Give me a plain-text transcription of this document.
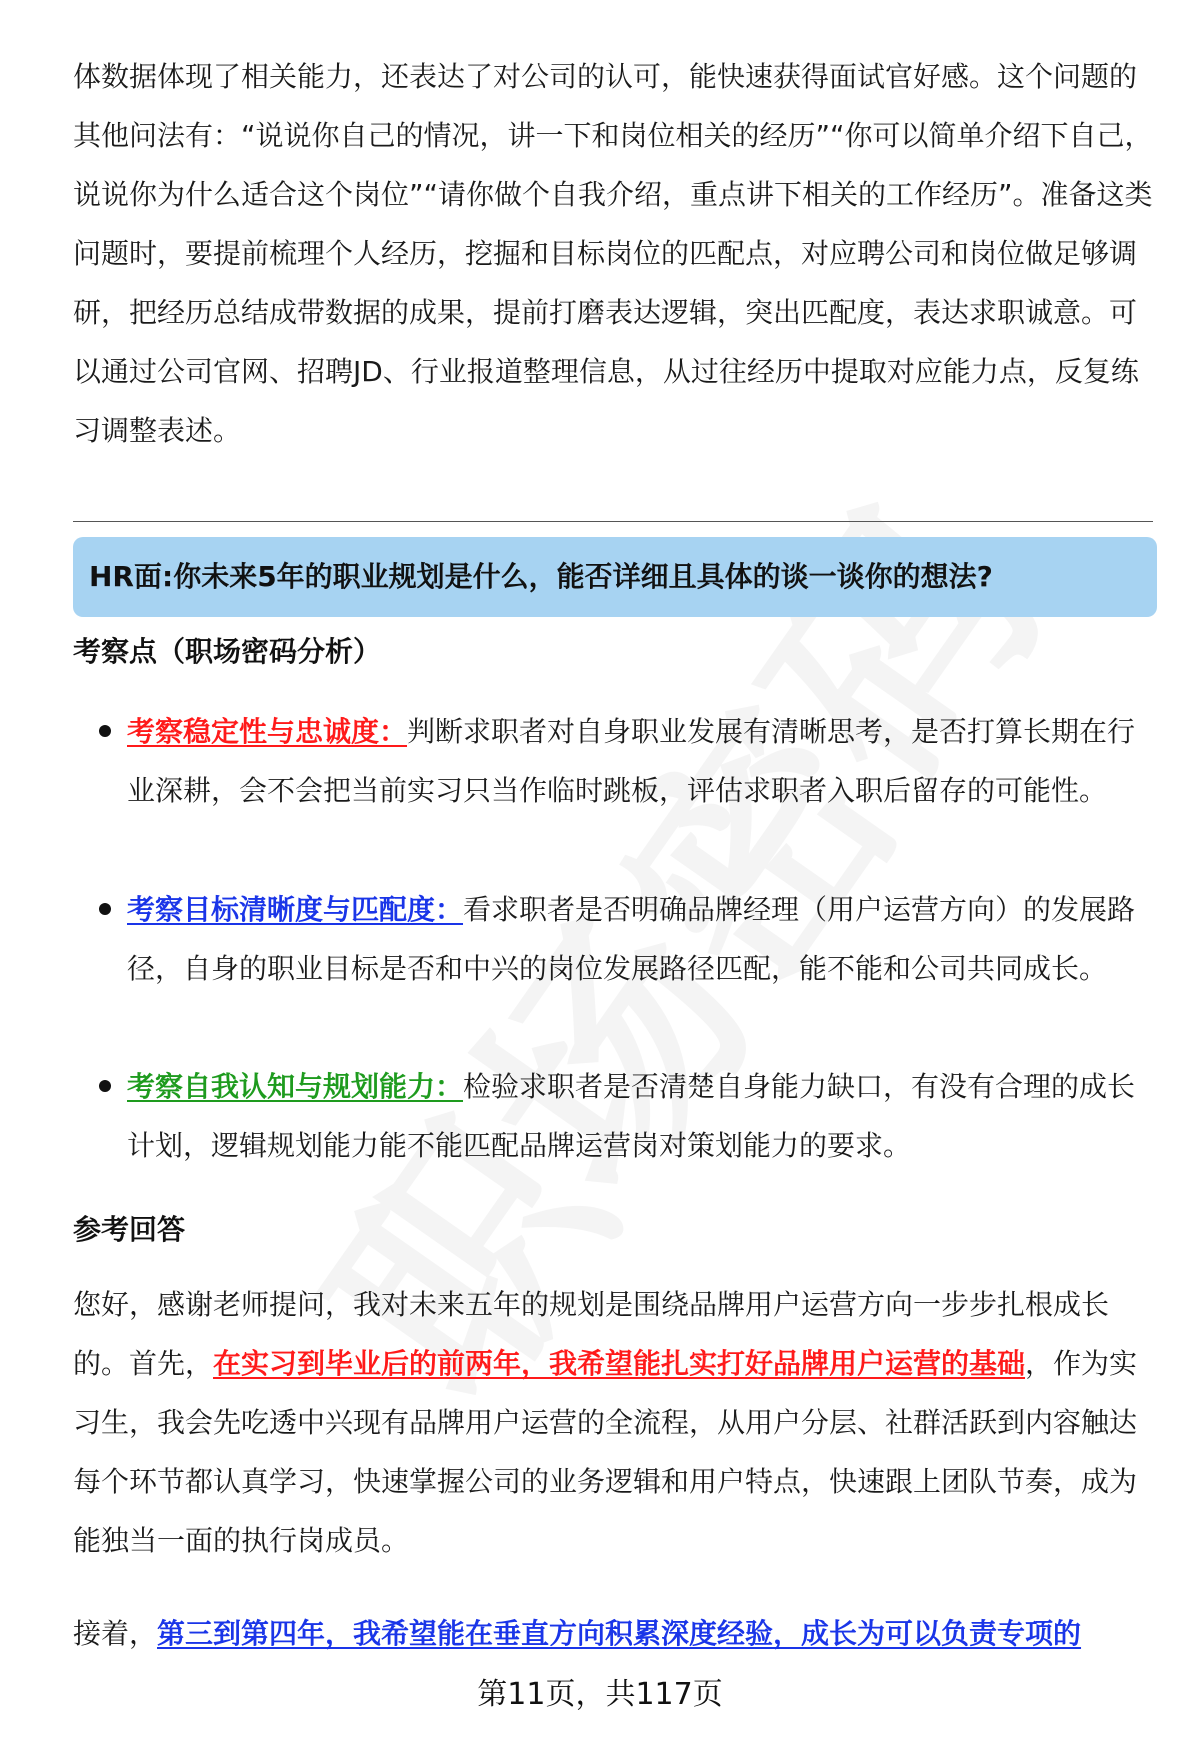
体数据体现了相关能力，还表达了对公司的认可，能快速获得面试官好感。这个问题的其他问法有：“说说你自己的情况，讲一下和岗位相关的经历”“你可以简单介绍下自己，说说你为什么适合这个岗位”“请你做个自我介绍，重点讲下相关的工作经历”。准备这类问题时，要提前梳理个人经历，挖掘和目标岗位的匹配点，对应聘公司和岗位做足够调研，把经历总结成带数据的成果，提前打磨表达逻辑，突出匹配度，表达求职诚意。可以通过公司官网、招聘JD、行业报道整理信息，从过往经历中提取对应能力点，反复练习调整表述。

HR面:你未来5年的职业规划是什么，能否详细且具体的谈一谈你的想法?
考察点（职场密码分析）
考察稳定性与忠诚度：判断求职者对自身职业发展有清晰思考，是否打算长期在行业深耕，会不会把当前实习只当作临时跳板，评估求职者入职后留存的可能性。
考察目标清晰度与匹配度：看求职者是否明确品牌经理（用户运营方向）的发展路径，自身的职业目标是否和中兴的岗位发展路径匹配，能不能和公司共同成长。
考察自我认知与规划能力：检验求职者是否清楚自身能力缺口，有没有合理的成长计划，逻辑规划能力能不能匹配品牌运营岗对策划能力的要求。
参考回答

您好，感谢老师提问，我对未来五年的规划是围绕品牌用户运营方向一步步扎根成长的。首先，在实习到毕业后的前两年，我希望能扎实打好品牌用户运营的基础，作为实习生，我会先吃透中兴现有品牌用户运营的全流程，从用户分层、社群活跃到内容触达每个环节都认真学习，快速掌握公司的业务逻辑和用户特点，快速跟上团队节奏，成为能独当一面的执行岗成员。

接着，第三到第四年，我希望能在垂直方向积累深度经验，成长为可以负责专项的

第11页，共117页
